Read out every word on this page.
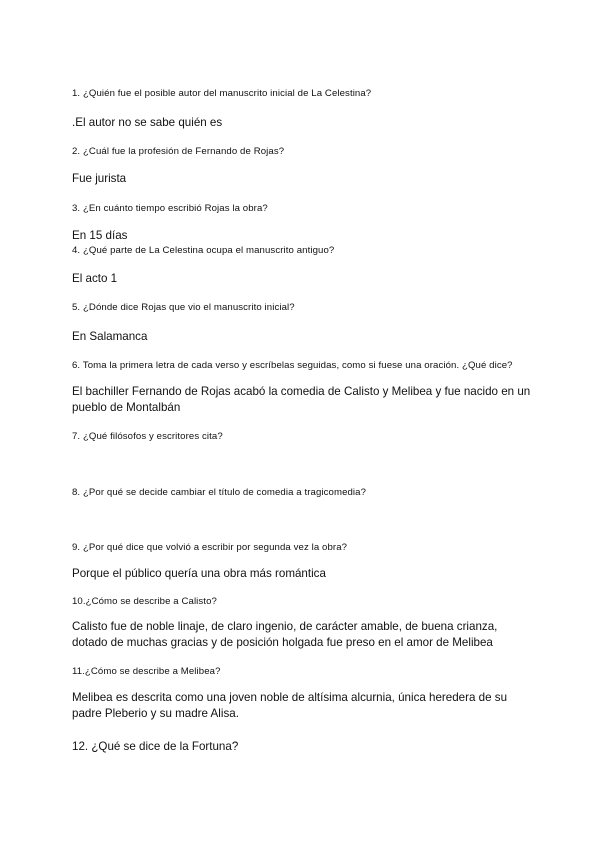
1. ¿Quién fue el posible autor del manuscrito inicial de La Celestina?
.El autor no se sabe quién es
2. ¿Cuál fue la profesión de Fernando de Rojas?
Fue jurista
3. ¿En cuánto tiempo escribió Rojas la obra?
En 15 días
4. ¿Qué parte de La Celestina ocupa el manuscrito antiguo?
El acto 1
5. ¿Dónde dice Rojas que vio el manuscrito inicial?
En Salamanca
6. Toma la primera letra de cada verso y escríbelas seguidas, como si fuese una oración. ¿Qué dice?
El bachiller Fernando de Rojas acabó la comedia de Calisto y Melibea y fue nacido en un pueblo de Montalbán
7. ¿Qué filósofos y escritores cita?
8. ¿Por qué se decide cambiar el título de comedia a tragicomedia?
9. ¿Por qué dice que volvió a escribir por segunda vez la obra?
Porque el público quería una obra más romántica
10.¿Cómo se describe a Calisto?
Calisto fue de noble linaje, de claro ingenio, de carácter amable, de buena crianza, dotado de muchas gracias y de posición holgada fue preso en el amor de Melibea
11.¿Cómo se describe a Melibea?
Melibea es descrita como una joven noble de altísima alcurnia, única heredera de su padre Pleberio y su madre Alisa.
12. ¿Qué se dice de la Fortuna?
